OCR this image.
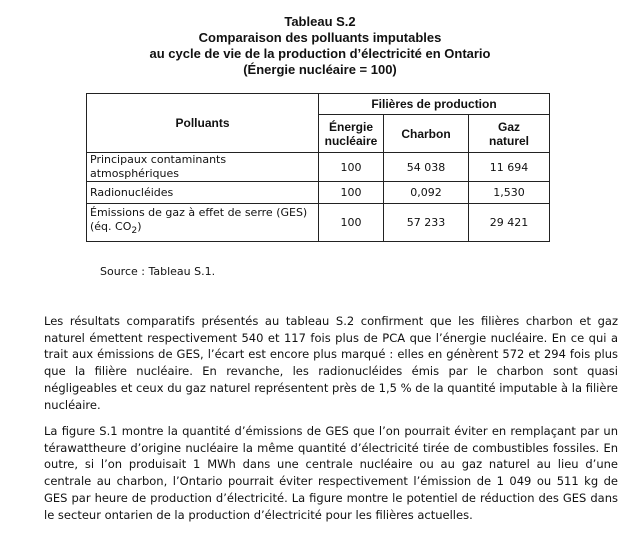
Tableau S.2
Comparaison des polluants imputables
au cycle de vie de la production d’électricité en Ontario
(Énergie nucléaire = 100)
Polluants	Filières de production		
	Énergie
nucléaire	Charbon	Gaz
naturel
Principaux contaminants atmosphériques	100	54 038	11 694
Radionucléides	100	0,092	1,530
Émissions de gaz à effet de serre (GES)
(éq. $CO_2$)	100	57 233	29 421
Source : Tableau S.1.

Les résultats comparatifs présentés au tableau S.2 confirment que les filières charbon et gaz naturel émettent respectivement 540 et 117 fois plus de PCA que l’énergie nucléaire. En ce qui a trait aux émissions de GES, l’écart est encore plus marqué : elles en génèrent 572 et 294 fois plus que la filière nucléaire. En revanche, les radionucléides émis par le charbon sont quasi négligeables et ceux du gaz naturel représentent près de 1,5 % de la quantité imputable à la filière nucléaire.

La figure S.1 montre la quantité d’émissions de GES que l’on pourrait éviter en remplaçant par un térawattheure d’origine nucléaire la même quantité d’électricité tirée de combustibles fossiles. En outre, si l’on produisait 1 MWh dans une centrale nucléaire ou au gaz naturel au lieu d’une centrale au charbon, l’Ontario pourrait éviter respectivement l’émission de 1 049 ou 511 kg de GES par heure de production d’électricité. La figure montre le potentiel de réduction des GES dans le secteur ontarien de la production d’électricité pour les filières actuelles.
